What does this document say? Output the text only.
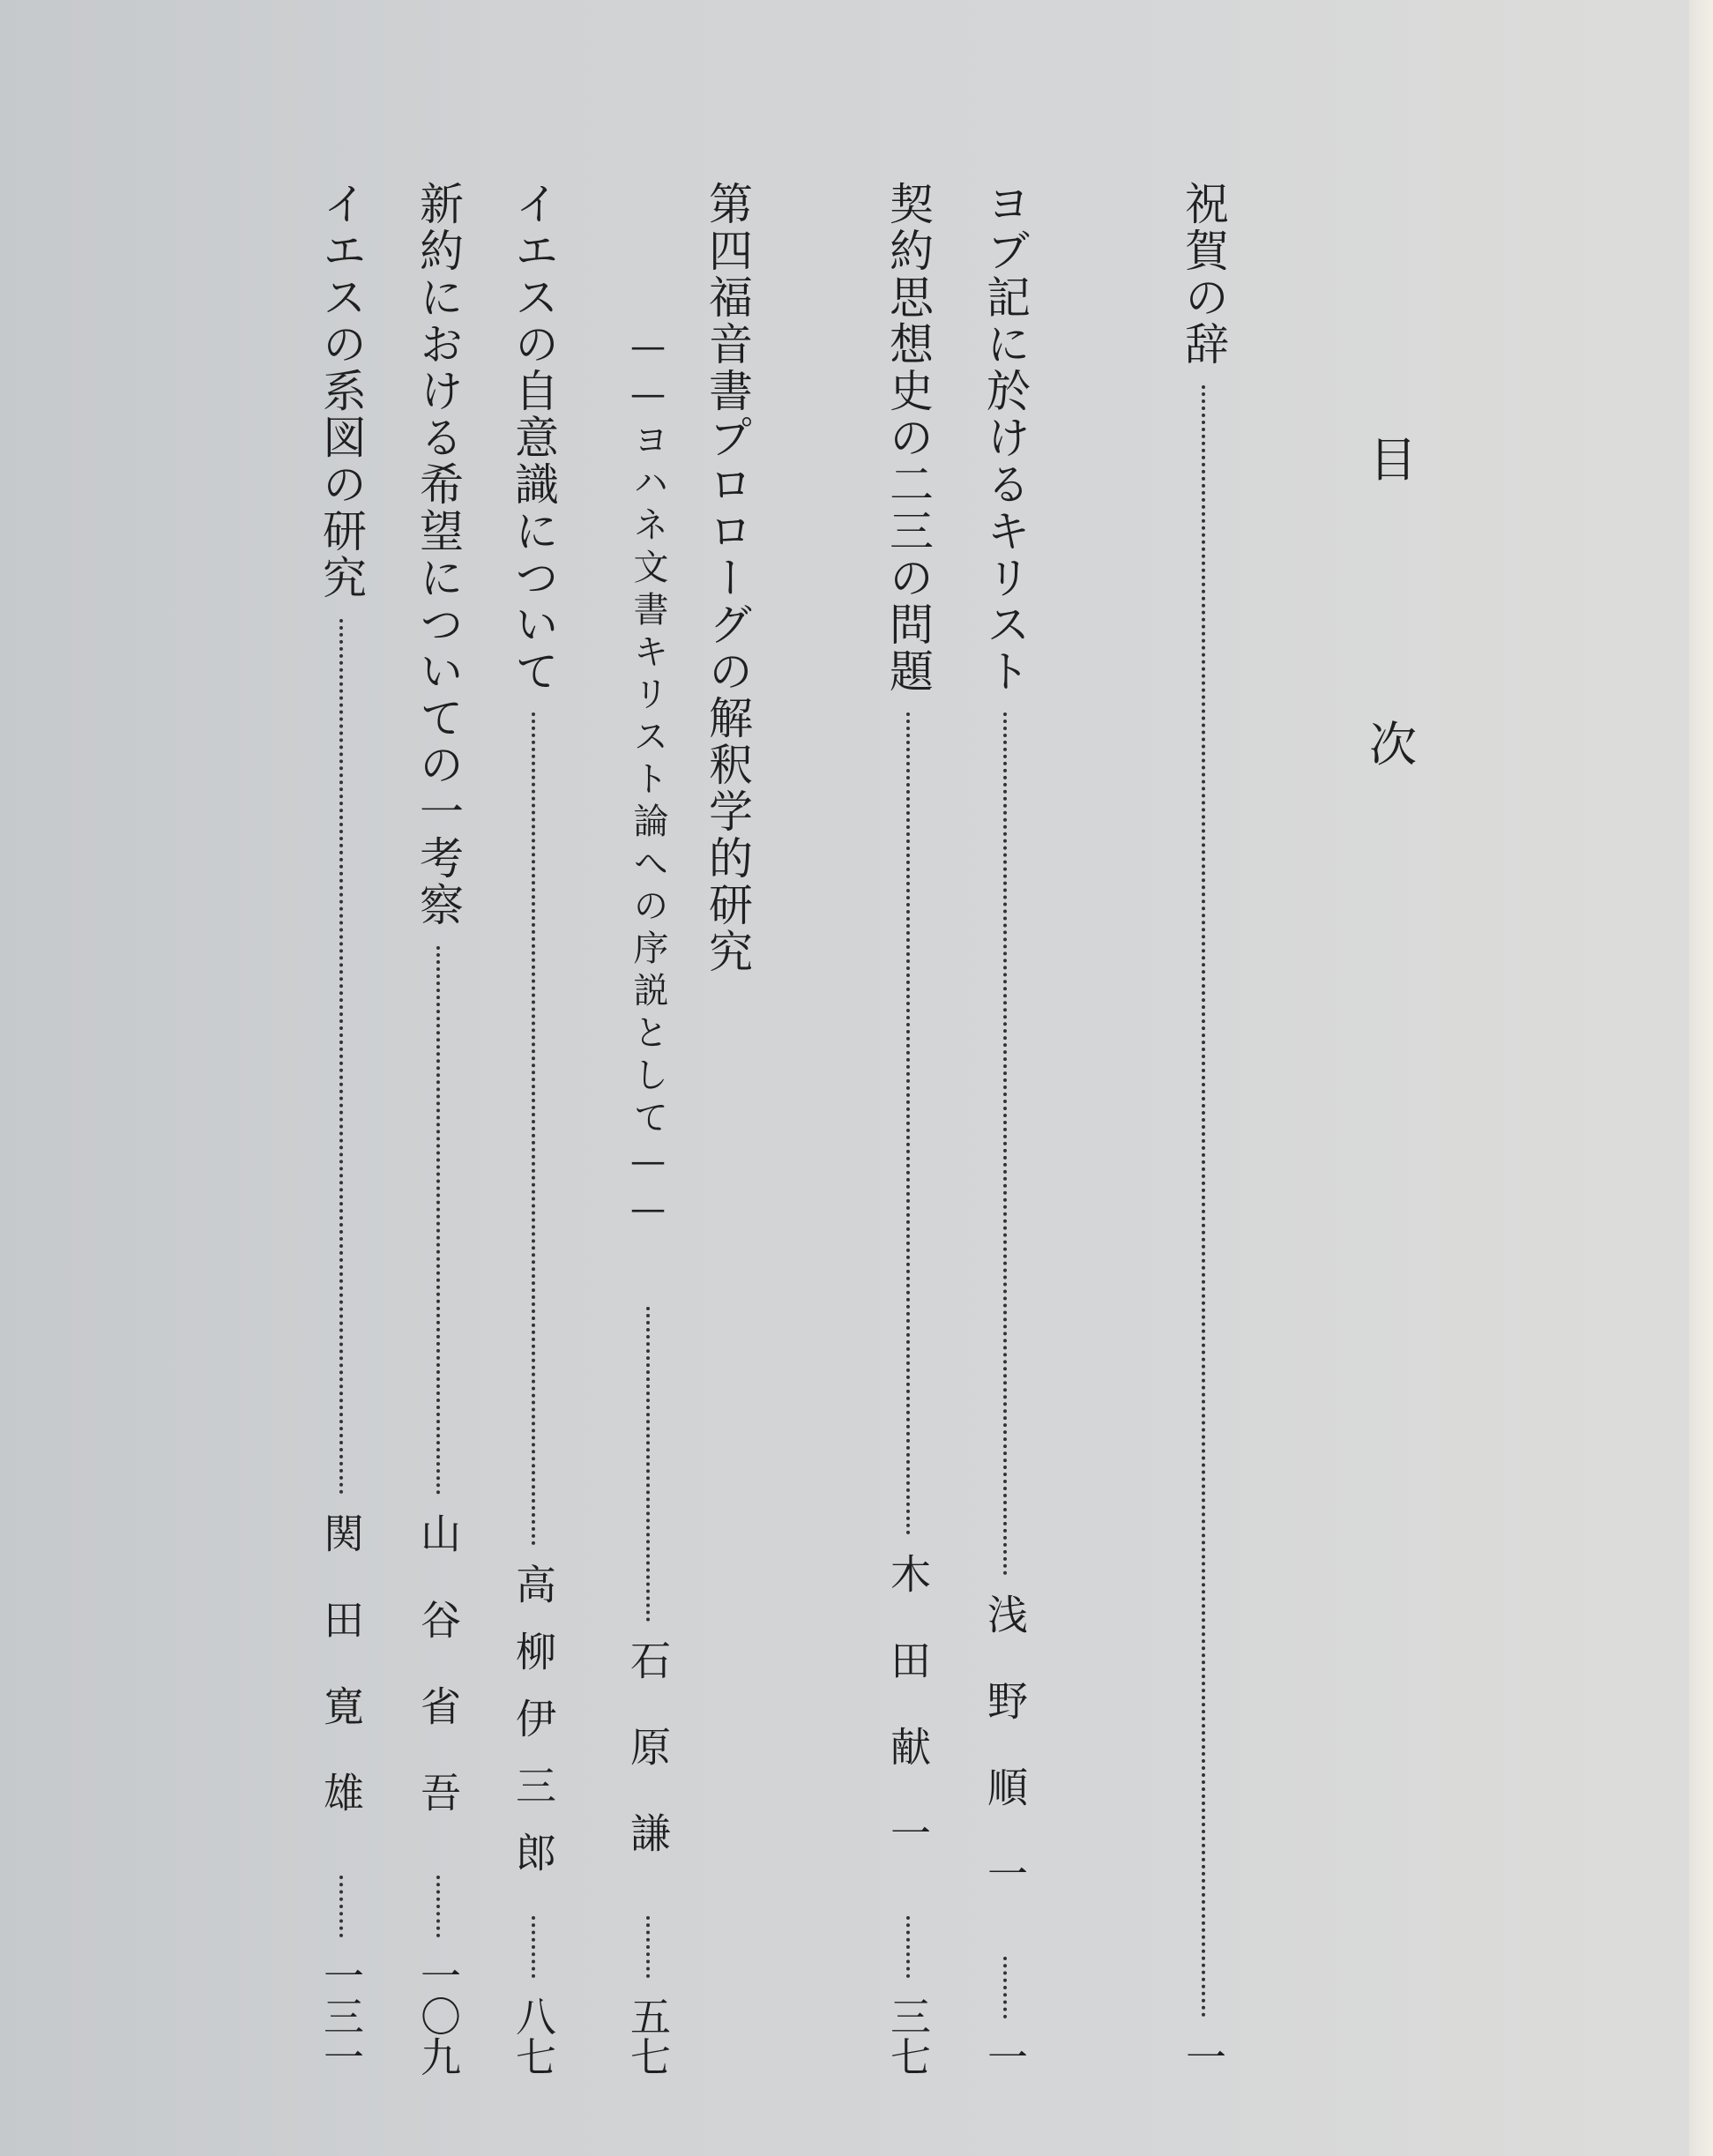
目
次
祝賀の辞
一
ヨブ記に於けるキリスト
浅野順一
一
契約思想史の二三の問題
木田献一
三七
第四福音書プロローグの解釈学的研究
——ヨハネ文書キリスト論への序説として——
石原謙
五七
イエスの自意識について
高柳伊三郎
八七
新約における希望についての一考察
山谷省吾
一〇九
イエスの系図の研究
関田寛雄
一三一
